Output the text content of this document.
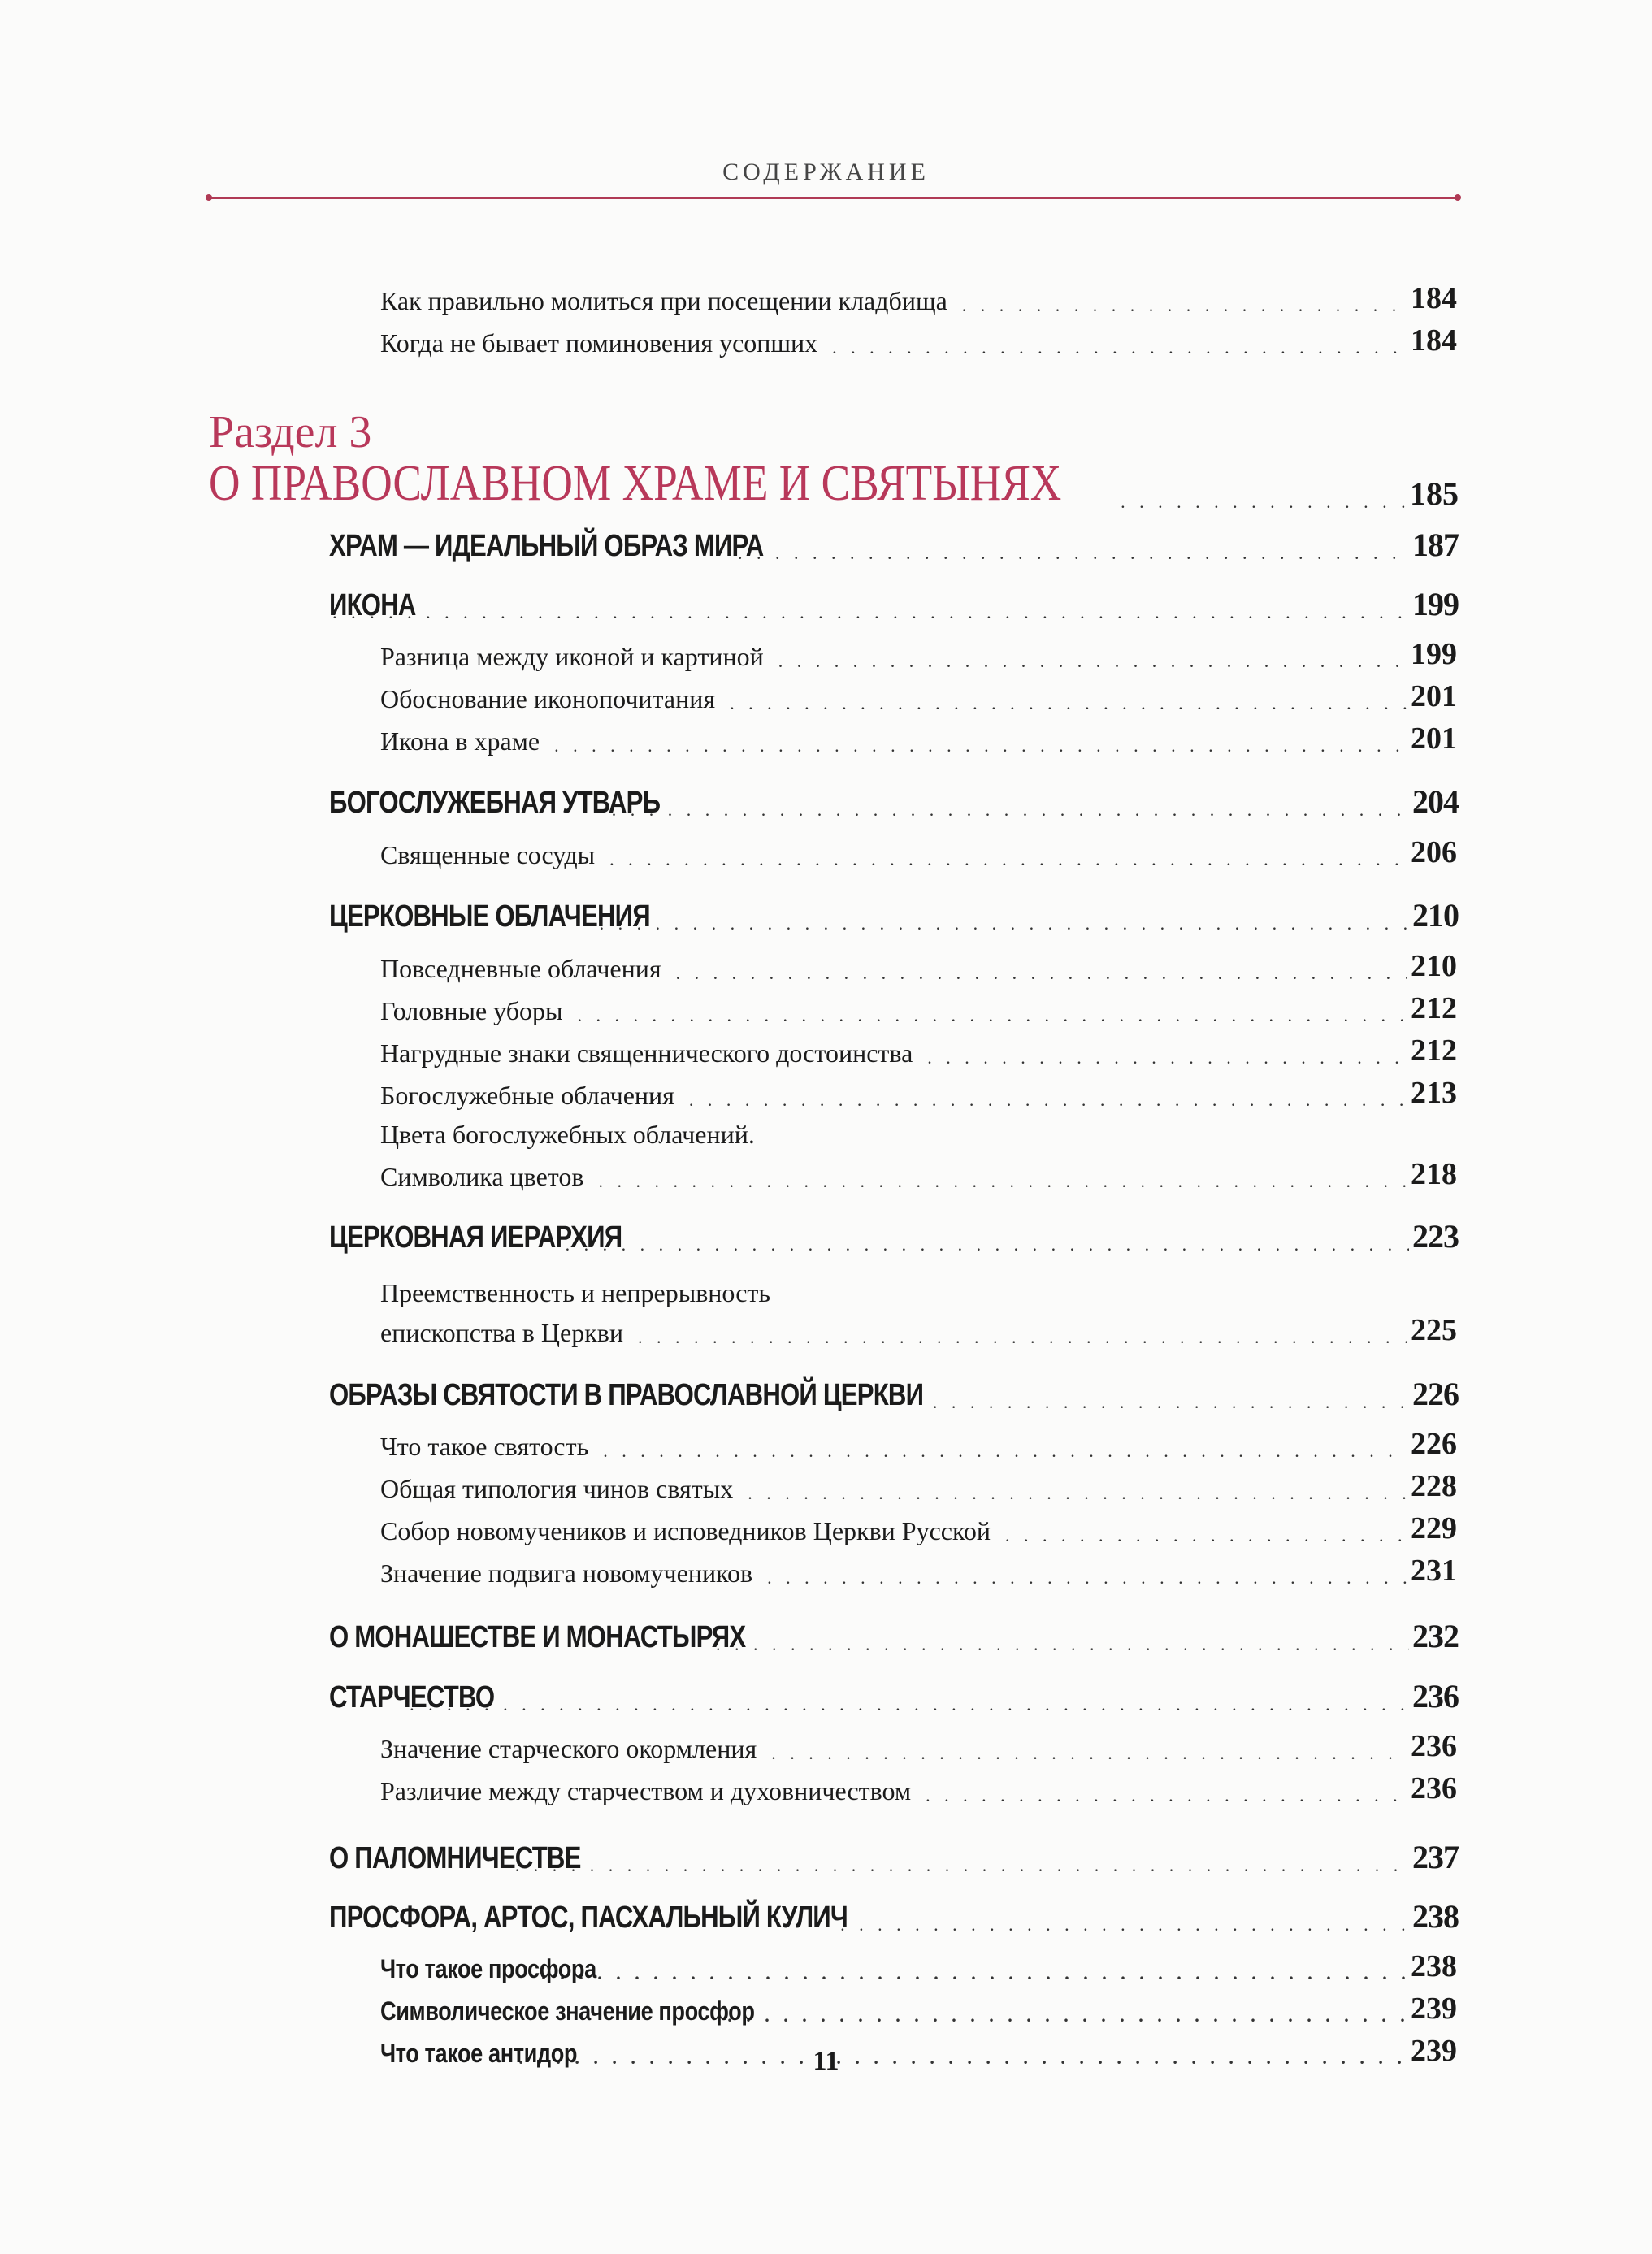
СОДЕРЖАНИЕ
Как правильно молиться при посещении кладбища . . .	184
Когда не бывает поминовения усопших . . .	184
Раздел 3
О ПРАВОСЛАВНОМ ХРАМЕ И СВЯТЫНЯХ . . .	185
ХРАМ — ИДЕАЛЬНЫЙ ОБРАЗ МИРА . . .	187
ИКОНА . . .	199
Разница между иконой и картиной . . .	199
Обоснование иконопочитания . . .	201
Икона в храме . . .	201
БОГОСЛУЖЕБНАЯ УТВАРЬ . . .	204
Священные сосуды . . .	206
ЦЕРКОВНЫЕ ОБЛАЧЕНИЯ . . .	210
Повседневные облачения . . .	210
Головные уборы . . .	212
Нагрудные знаки священнического достоинства . . .	212
Богослужебные облачения . . .	213
Цвета богослужебных облачений.
Символика цветов . . .	218
ЦЕРКОВНАЯ ИЕРАРХИЯ . . .	223
Преемственность и непрерывность
епископства в Церкви . . .	225
ОБРАЗЫ СВЯТОСТИ В ПРАВОСЛАВНОЙ ЦЕРКВИ . . .	226
Что такое святость . . .	226
Общая типология чинов святых . . .	228
Собор новомучеников и исповедников Церкви Русской . . .	229
Значение подвига новомучеников . . .	231
О МОНАШЕСТВЕ И МОНАСТЫРЯХ . . .	232
СТАРЧЕСТВО . . .	236
Значение старческого окормления . . .	236
Различие между старчеством и духовничеством . . .	236
О ПАЛОМНИЧЕСТВЕ . . .	237
ПРОСФОРА, АРТОС, ПАСХАЛЬНЫЙ КУЛИЧ . . .	238
Что такое просфора . . .	238
Символическое значение просфор . . .	239
Что такое антидор . . .	239
11
